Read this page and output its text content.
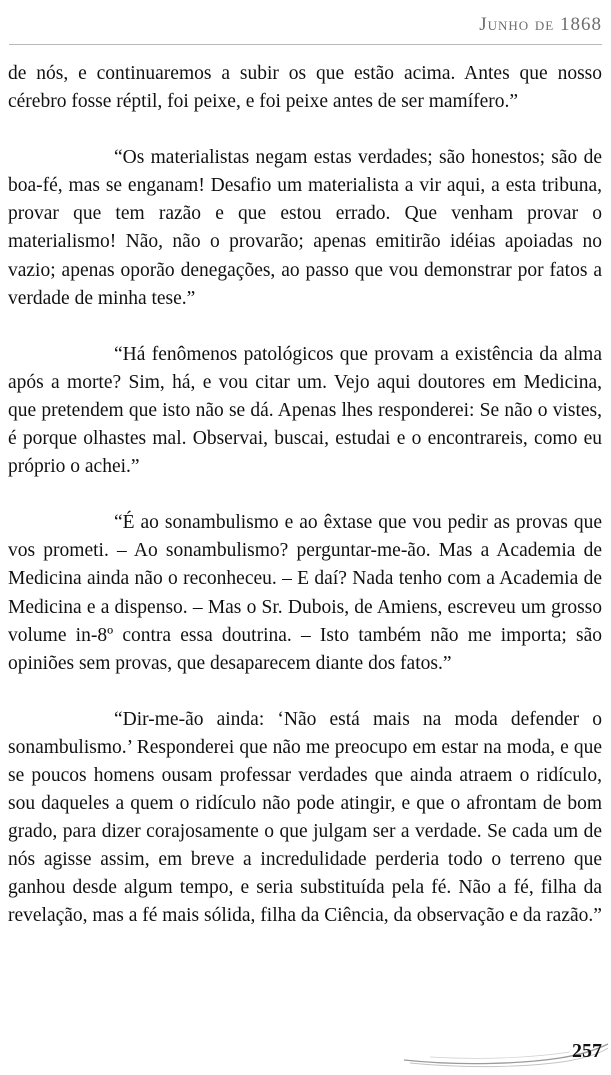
Junho de 1868

de nós, e continuaremos a subir os que estão acima. Antes que nosso cérebro fosse réptil, foi peixe, e foi peixe antes de ser mamífero.”

“Os materialistas negam estas verdades; são honestos; são de boa-fé, mas se enganam! Desafio um materialista a vir aqui, a esta tribuna, provar que tem razão e que estou errado. Que venham provar o materialismo! Não, não o provarão; apenas emitirão idéias apoiadas no vazio; apenas oporão denegações, ao passo que vou demonstrar por fatos a verdade de minha tese.”

“Há fenômenos patológicos que provam a existência da alma após a morte? Sim, há, e vou citar um. Vejo aqui doutores em Medicina, que pretendem que isto não se dá. Apenas lhes responderei: Se não o vistes, é porque olhastes mal. Observai, buscai, estudai e o encontrareis, como eu próprio o achei.”

“É ao sonambulismo e ao êxtase que vou pedir as provas que vos prometi. – Ao sonambulismo? perguntar-me-ão. Mas a Academia de Medicina ainda não o reconheceu. – E daí? Nada tenho com a Academia de Medicina e a dispenso. – Mas o Sr. Dubois, de Amiens, escreveu um grosso volume in-8º contra essa doutrina. – Isto também não me importa; são opiniões sem provas, que desaparecem diante dos fatos.”

“Dir-me-ão ainda: ‘Não está mais na moda defender o sonambulismo.’ Responderei que não me preocupo em estar na moda, e que se poucos homens ousam professar verdades que ainda atraem o ridículo, sou daqueles a quem o ridículo não pode atingir, e que o afrontam de bom grado, para dizer corajosamente o que julgam ser a verdade. Se cada um de nós agisse assim, em breve a incredulidade perderia todo o terreno que ganhou desde algum tempo, e seria substituída pela fé. Não a fé, filha da revelação, mas a fé mais sólida, filha da Ciência, da observação e da razão.”

257
